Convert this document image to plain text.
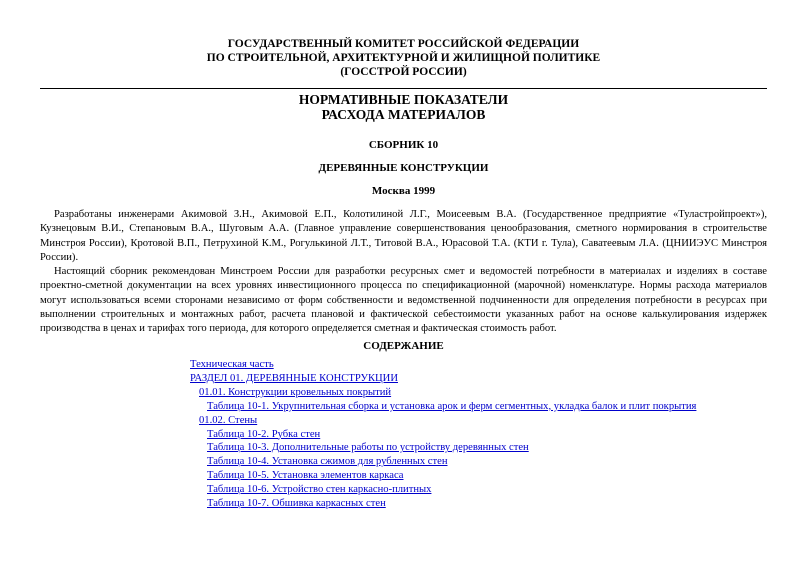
ГОСУДАРСТВЕННЫЙ КОМИТЕТ РОССИЙСКОЙ ФЕДЕРАЦИИ
ПО СТРОИТЕЛЬНОЙ, АРХИТЕКТУРНОЙ И ЖИЛИЩНОЙ ПОЛИТИКЕ
(ГОССТРОЙ РОССИИ)
НОРМАТИВНЫЕ ПОКАЗАТЕЛИ
РАСХОДА МАТЕРИАЛОВ
СБОРНИК 10
ДЕРЕВЯННЫЕ КОНСТРУКЦИИ
Москва 1999

Разработаны инженерами Акимовой З.Н., Акимовой Е.П., Колотилиной Л.Г., Моисеевым В.А. (Государственное предприятие «Туластройпроект»), Кузнецовым В.И., Степановым В.А., Шуговым А.А. (Главное управление совершенствования ценообразования, сметного нормирования в строительстве Минстроя России), Кротовой В.П., Петрухиной К.М., Рогулькиной Л.Т., Титовой В.А., Юрасовой Т.А. (КТИ г. Тула), Саватеевым Л.А. (ЦНИИЭУС Минстроя России).

Настоящий сборник рекомендован Минстроем России для разработки ресурсных смет и ведомостей потребности в материалах и изделиях в составе проектно-сметной документации на всех уровнях инвестиционного процесса по спецификационной (марочной) номенклатуре. Нормы расхода материалов могут использоваться всеми сторонами независимо от форм собственности и ведомственной подчиненности для определения потребности в ресурсах при выполнении строительных и монтажных работ, расчета плановой и фактической себестоимости указанных работ на основе калькулирования издержек производства в ценах и тарифах того периода, для которого определяется сметная и фактическая стоимость работ.

СОДЕРЖАНИЕ
Техническая часть
РАЗДЕЛ 01. ДЕРЕВЯННЫЕ КОНСТРУКЦИИ
01.01. Конструкции кровельных покрытий
Таблица 10-1. Укрупнительная сборка и установка арок и ферм сегментных, укладка балок и плит покрытия
01.02. Стены
Таблица 10-2. Рубка стен
Таблица 10-3. Дополнительные работы по устройству деревянных стен
Таблица 10-4. Установка сжимов для рубленных стен
Таблица 10-5. Установка элементов каркаса
Таблица 10-6. Устройство стен каркасно-плитных
Таблица 10-7. Обшивка каркасных стен
